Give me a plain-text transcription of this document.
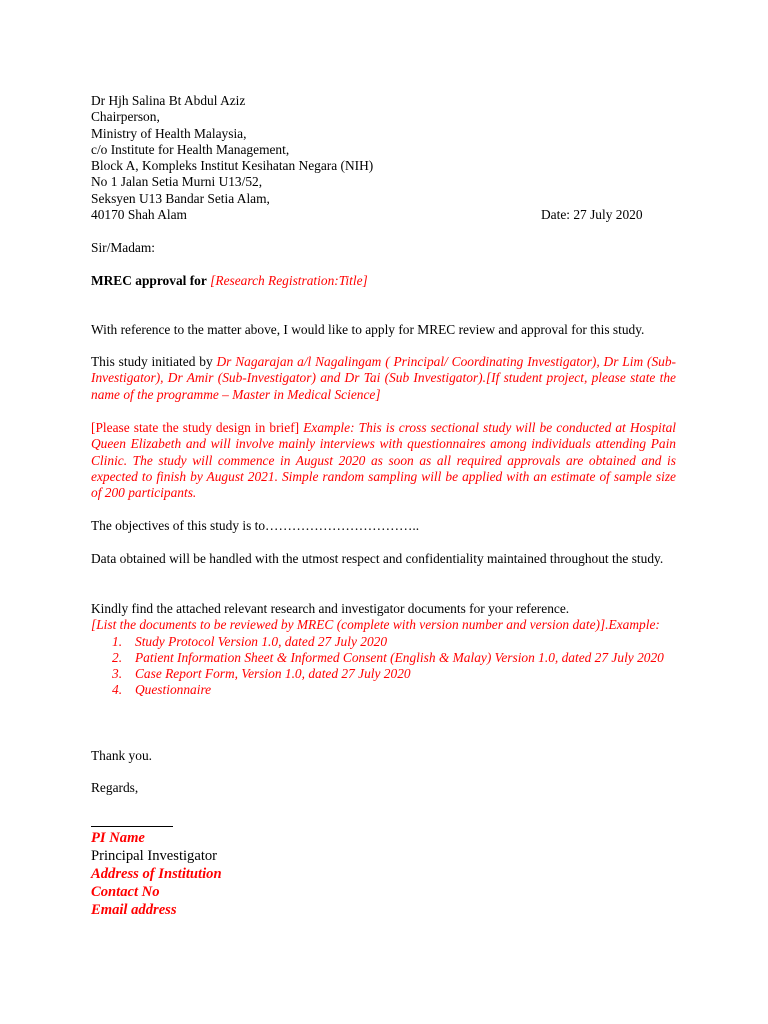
Dr Hjh Salina Bt Abdul Aziz
Chairperson,
Ministry of Health Malaysia,
c/o Institute for Health Management,
Block A, Kompleks Institut Kesihatan Negara (NIH)
No 1 Jalan Setia Murni U13/52,
Seksyen U13 Bandar Setia Alam,
40170 Shah Alam	Date: 27 July 2020
Sir/Madam:
MREC approval for [Research Registration:Title]
With reference to the matter above, I would like to apply for MREC review and approval for this study.
This study initiated by Dr Nagarajan a/l Nagalingam ( Principal/ Coordinating Investigator), Dr Lim (Sub-Investigator), Dr Amir (Sub-Investigator) and Dr Tai (Sub Investigator).[If student project, please state the name of the programme – Master in Medical Science]
[Please state the study design in brief] Example: This is cross sectional study will be conducted at Hospital Queen Elizabeth and will involve mainly interviews with questionnaires among individuals attending Pain Clinic. The study will commence in August 2020 as soon as all required approvals are obtained and is expected to finish by August 2021. Simple random sampling will be applied with an estimate of sample size of 200 participants.
The objectives of this study is to……………………………..
Data obtained will be handled with the utmost respect and confidentiality maintained throughout the study.
Kindly find the attached relevant research and investigator documents for your reference.
[List the documents to be reviewed by MREC (complete with version number and version date)].Example:
1. Study Protocol Version 1.0, dated 27 July 2020
2. Patient Information Sheet & Informed Consent (English & Malay) Version 1.0, dated 27 July 2020
3. Case Report Form, Version 1.0, dated 27 July 2020
4. Questionnaire
Thank you.
Regards,
PI Name
Principal Investigator
Address of Institution
Contact No
Email address
